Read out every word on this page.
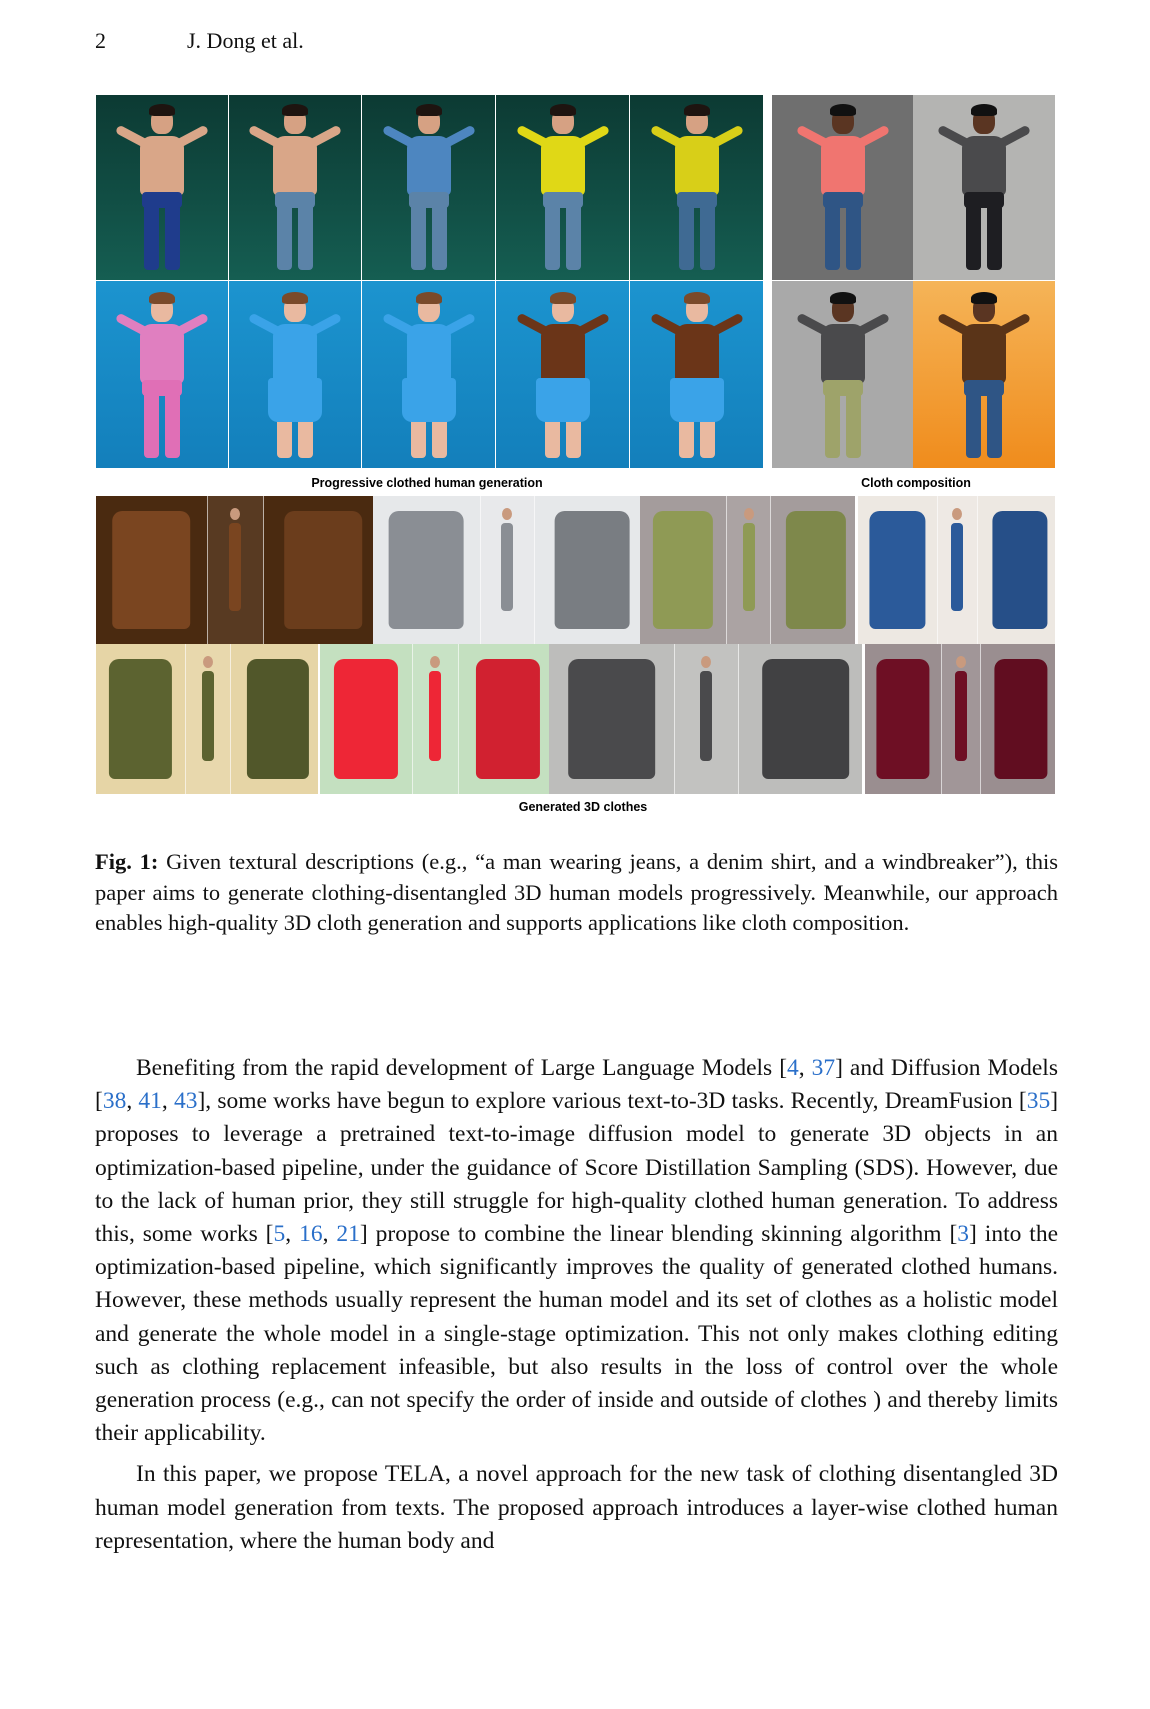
2	J. Dong et al.
Progressive clothed human generation	Cloth composition
Generated 3D clothes
Fig. 1: Given textural descriptions (e.g., “a man wearing jeans, a denim shirt, and a windbreaker”), this paper aims to generate clothing-disentangled 3D human models progressively. Meanwhile, our approach enables high-quality 3D cloth generation and supports applications like cloth composition.

Benefiting from the rapid development of Large Language Models [4, 37] and Diffusion Models [38, 41, 43], some works have begun to explore various text-to-3D tasks. Recently, DreamFusion [35] proposes to leverage a pretrained text-to-image diffusion model to generate 3D objects in an optimization-based pipeline, under the guidance of Score Distillation Sampling (SDS). However, due to the lack of human prior, they still struggle for high-quality clothed human generation. To address this, some works [5, 16, 21] propose to combine the linear blending skinning algorithm [3] into the optimization-based pipeline, which significantly improves the quality of generated clothed humans. However, these methods usually represent the human model and its set of clothes as a holistic model and generate the whole model in a single-stage optimization. This not only makes clothing editing such as clothing replacement infeasible, but also results in the loss of control over the whole generation process (e.g., can not specify the order of inside and outside of clothes ) and thereby limits their applicability.

In this paper, we propose TELA, a novel approach for the new task of clothing disentangled 3D human model generation from texts. The proposed approach introduces a layer-wise clothed human representation, where the human body and
